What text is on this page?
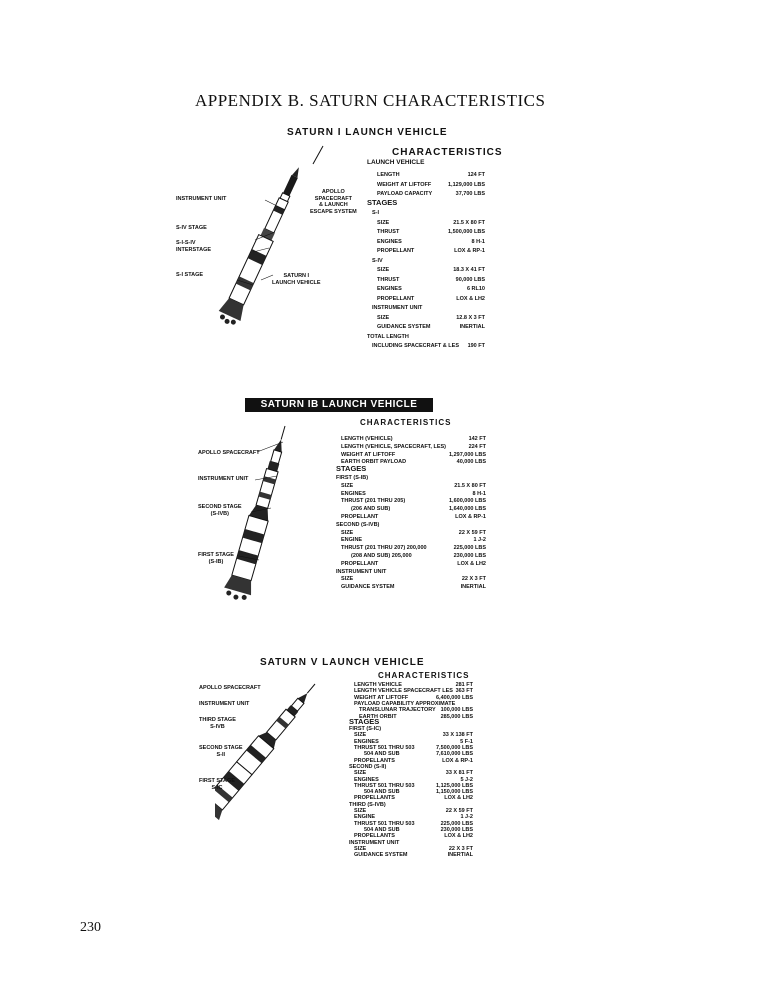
APPENDIX B. SATURN CHARACTERISTICS
SATURN I LAUNCH VEHICLE
INSTRUMENT UNIT
APOLLO
SPACECRAFT
& LAUNCH
ESCAPE SYSTEM
S-IV STAGE
S-I-S-IV
INTERSTAGE
S-I STAGE	SATURN I
LAUNCH VEHICLE
CHARACTERISTICS
LAUNCH VEHICLE
LENGTH	124 FT
WEIGHT AT LIFTOFF	1,129,000 LBS
PAYLOAD CAPACITY	37,700 LBS
STAGES
S-I
SIZE	21.5 X 80 FT
THRUST	1,500,000 LBS
ENGINES	8 H-1
PROPELLANT	LOX & RP-1
S-IV
SIZE	18.3 X 41 FT
THRUST	90,000 LBS
ENGINES	6 RL10
PROPELLANT	LOX & LH2
INSTRUMENT UNIT
SIZE	12.8 X 3 FT
GUIDANCE SYSTEM	INERTIAL
TOTAL LENGTH
INCLUDING SPACECRAFT & LES 190 FT
SATURN IB LAUNCH VEHICLE
CHARACTERISTICS
APOLLO SPACECRAFT
INSTRUMENT UNIT
SECOND STAGE
(S-IVB)
FIRST STAGE
(S-IB)
LENGTH (VEHICLE)	142 FT
LENGTH (VEHICLE, SPACECRAFT, LES)	224 FT
WEIGHT AT LIFTOFF	1,297,000 LBS
EARTH ORBIT PAYLOAD	40,000 LBS
STAGES
FIRST (S-IB)
SIZE	21.5 X 80 FT
ENGINES	8 H-1
THRUST (201 THRU 205)	1,600,000 LBS
(206 AND SUB)	1,640,000 LBS
PROPELLANT	LOX & RP-1
SECOND (S-IVB)
SIZE	22 X 59 FT
ENGINE	1 J-2
THRUST (201 THRU 207) 200,000	225,000 LBS
(208 AND SUB) 205,000	230,000 LBS
PROPELLANT	LOX & LH2
INSTRUMENT UNIT
SIZE	22 X 3 FT
GUIDANCE SYSTEM	INERTIAL
SATURN V LAUNCH VEHICLE
CHARACTERISTICS
APOLLO SPACECRAFT
INSTRUMENT UNIT
THIRD STAGE
S-IVB
SECOND STAGE
S-II
FIRST STAGE
S-IC
LENGTH VEHICLE	281 FT
LENGTH VEHICLE SPACECRAFT LES 363 FT
WEIGHT AT LIFTOFF	6,400,000 LBS
PAYLOAD CAPABILITY APPROXIMATE
TRANSLUNAR TRAJECTORY 100,000 LBS
EARTH ORBIT	285,000 LBS
STAGES
FIRST (S-IC)
SIZE	33 X 138 FT
ENGINES	5 F-1
THRUST 501 THRU 503	7,500,000 LBS
504 AND SUB	7,610,000 LBS
PROPELLANTS	LOX & RP-1
SECOND (S-II)
SIZE	33 X 81 FT
ENGINES	5 J-2
THRUST 501 THRU 503	1,125,000 LBS
504 AND SUB	1,150,000 LBS
PROPELLANTS	LOX & LH2
THIRD (S-IVB)
SIZE	22 X 59 FT
ENGINE	1 J-2
THRUST 501 THRU 503	225,000 LBS
504 AND SUB	230,000 LBS
PROPELLANTS	LOX & LH2
INSTRUMENT UNIT
SIZE	22 X 3 FT
GUIDANCE SYSTEM	INERTIAL
230
